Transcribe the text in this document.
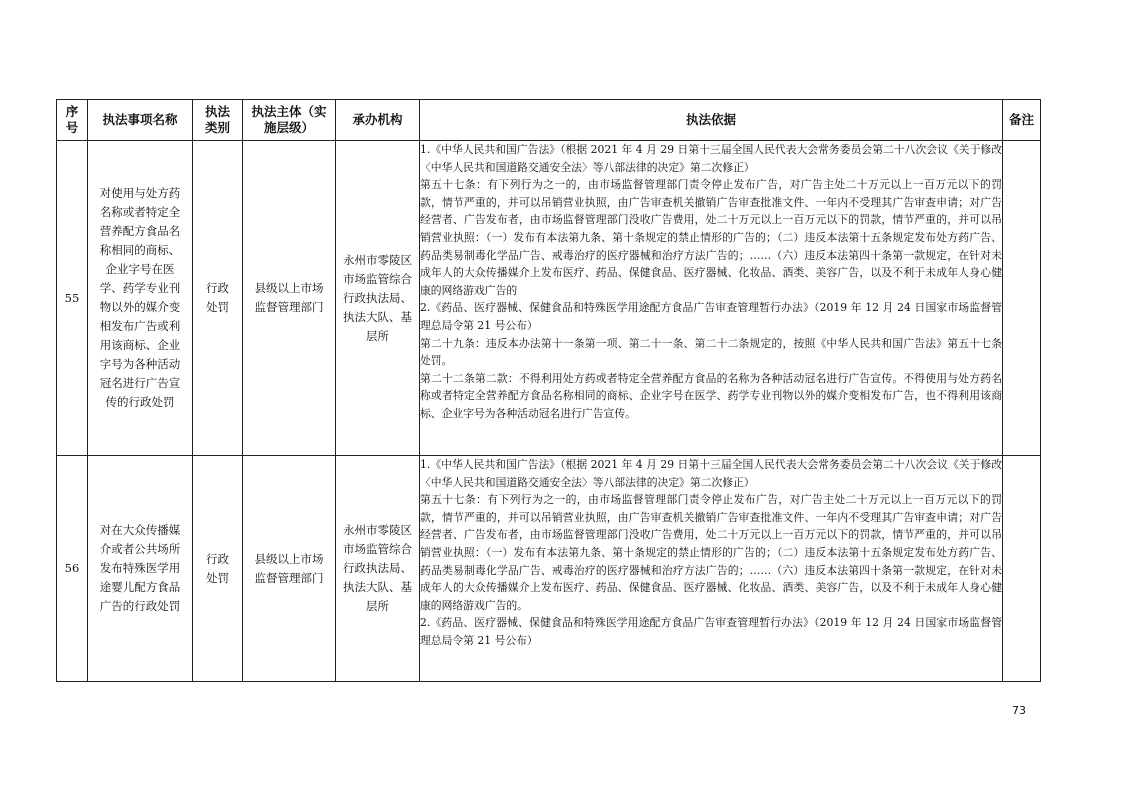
序号	执法事项名称	执法类别	执法主体（实施层级）	承办机构	执法依据	备注
55	对使用与处方药名称或者特定全营养配方食品名称相同的商标、企业字号在医学、药学专业刊物以外的媒介变相发布广告或利用该商标、企业字号为各种活动冠名进行广告宣传的行政处罚	行政处罚	县级以上市场监督管理部门	永州市零陵区市场监管综合行政执法局、执法大队、基层所	1.《中华人民共和国广告法》（根据 2021 年 4 月 29 日第十三届全国人民代表大会常务委员会第二十八次会议《关于修改〈中华人民共和国道路交通安全法〉等八部法律的决定》第二次修正）

第五十七条：有下列行为之一的，由市场监督管理部门责令停止发布广告，对广告主处二十万元以上一百万元以下的罚款，情节严重的，并可以吊销营业执照，由广告审查机关撤销广告审查批准文件、一年内不受理其广告审查申请；对广告经营者、广告发布者，由市场监督管理部门没收广告费用，处二十万元以上一百万元以下的罚款，情节严重的，并可以吊销营业执照：（一）发布有本法第九条、第十条规定的禁止情形的广告的；（二）违反本法第十五条规定发布处方药广告、药品类易制毒化学品广告、戒毒治疗的医疗器械和治疗方法广告的；……（六）违反本法第四十条第一款规定，在针对未成年人的大众传播媒介上发布医疗、药品、保健食品、医疗器械、化妆品、酒类、美容广告，以及不利于未成年人身心健康的网络游戏广告的

2.《药品、医疗器械、保健食品和特殊医学用途配方食品广告审查管理暂行办法》（2019 年 12 月 24 日国家市场监督管理总局令第 21 号公布）

第二十九条：违反本办法第十一条第一项、第二十一条、第二十二条规定的，按照《中华人民共和国广告法》第五十七条处罚。

第二十二条第二款：不得利用处方药或者特定全营养配方食品的名称为各种活动冠名进行广告宣传。不得使用与处方药名称或者特定全营养配方食品名称相同的商标、企业字号在医学、药学专业刊物以外的媒介变相发布广告，也不得利用该商标、企业字号为各种活动冠名进行广告宣传。	

56	对在大众传播媒介或者公共场所发布特殊医学用途婴儿配方食品广告的行政处罚	行政处罚	县级以上市场监督管理部门	永州市零陵区市场监管综合行政执法局、执法大队、基层所	1.《中华人民共和国广告法》（根据 2021 年 4 月 29 日第十三届全国人民代表大会常务委员会第二十八次会议《关于修改〈中华人民共和国道路交通安全法〉等八部法律的决定》第二次修正）

第五十七条：有下列行为之一的，由市场监督管理部门责令停止发布广告，对广告主处二十万元以上一百万元以下的罚款，情节严重的，并可以吊销营业执照，由广告审查机关撤销广告审查批准文件、一年内不受理其广告审查申请；对广告经营者、广告发布者，由市场监督管理部门没收广告费用，处二十万元以上一百万元以下的罚款，情节严重的，并可以吊销营业执照：（一）发布有本法第九条、第十条规定的禁止情形的广告的；（二）违反本法第十五条规定发布处方药广告、药品类易制毒化学品广告、戒毒治疗的医疗器械和治疗方法广告的；……（六）违反本法第四十条第一款规定，在针对未成年人的大众传播媒介上发布医疗、药品、保健食品、医疗器械、化妆品、酒类、美容广告，以及不利于未成年人身心健康的网络游戏广告的。

2.《药品、医疗器械、保健食品和特殊医学用途配方食品广告审查管理暂行办法》（2019 年 12 月 24 日国家市场监督管理总局令第 21 号公布）	

73
